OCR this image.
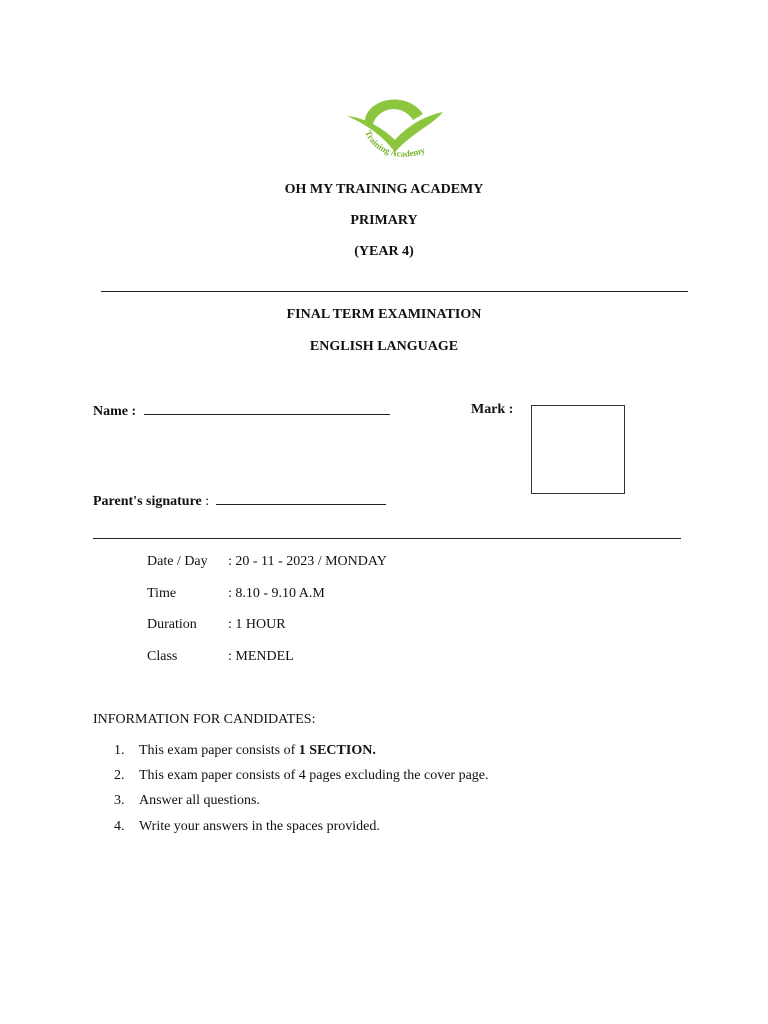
Training Academy
OH MY TRAINING ACADEMY
PRIMARY
(YEAR 4)
FINAL TERM EXAMINATION
ENGLISH LANGUAGE
Name :	Mark :
Parent's signature :
Date / Day : 20 - 11 - 2023 / MONDAY
Time	: 8.10 - 9.10 A.M
Duration : 1 HOUR
Class	: MENDEL
INFORMATION FOR CANDIDATES:
1. This exam paper consists of 1 SECTION.
2. This exam paper consists of 4 pages excluding the cover page.
3. Answer all questions.
4. Write your answers in the spaces provided.
